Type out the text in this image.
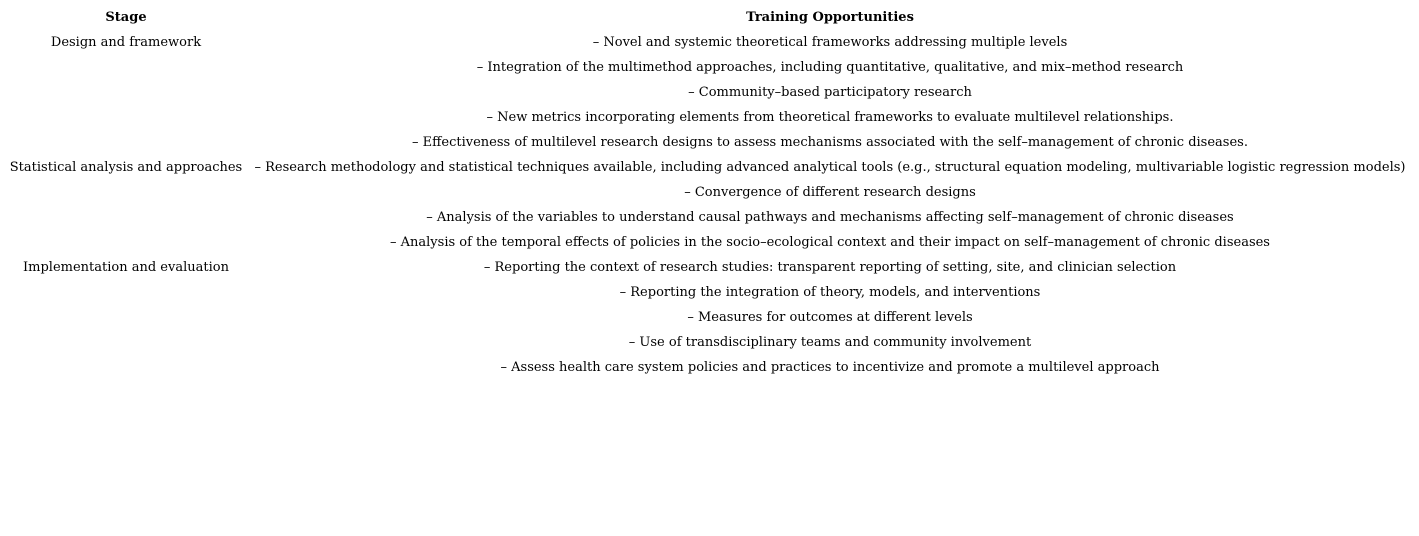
Stage	Training Opportunities
Design and framework	– Novel and systemic theoretical frameworks addressing multiple levels
	– Integration of the multimethod approaches, including quantitative, qualitative, and mix–method research
	– Community–based participatory research
	– New metrics incorporating elements from theoretical frameworks to evaluate multilevel relationships.
	– Effectiveness of multilevel research designs to assess mechanisms associated with the self–management of chronic diseases.
Statistical analysis and approaches	– Research methodology and statistical techniques available, including advanced analytical tools (e.g., structural equation modeling, multivariable logistic regression models)
	– Convergence of different research designs
	– Analysis of the variables to understand causal pathways and mechanisms affecting self–management of chronic diseases
	– Analysis of the temporal effects of policies in the socio–ecological context and their impact on self–management of chronic diseases
Implementation and evaluation	– Reporting the context of research studies: transparent reporting of setting, site, and clinician selection
	– Reporting the integration of theory, models, and interventions
	– Measures for outcomes at different levels
	– Use of transdisciplinary teams and community involvement
	– Assess health care system policies and practices to incentivize and promote a multilevel approach
